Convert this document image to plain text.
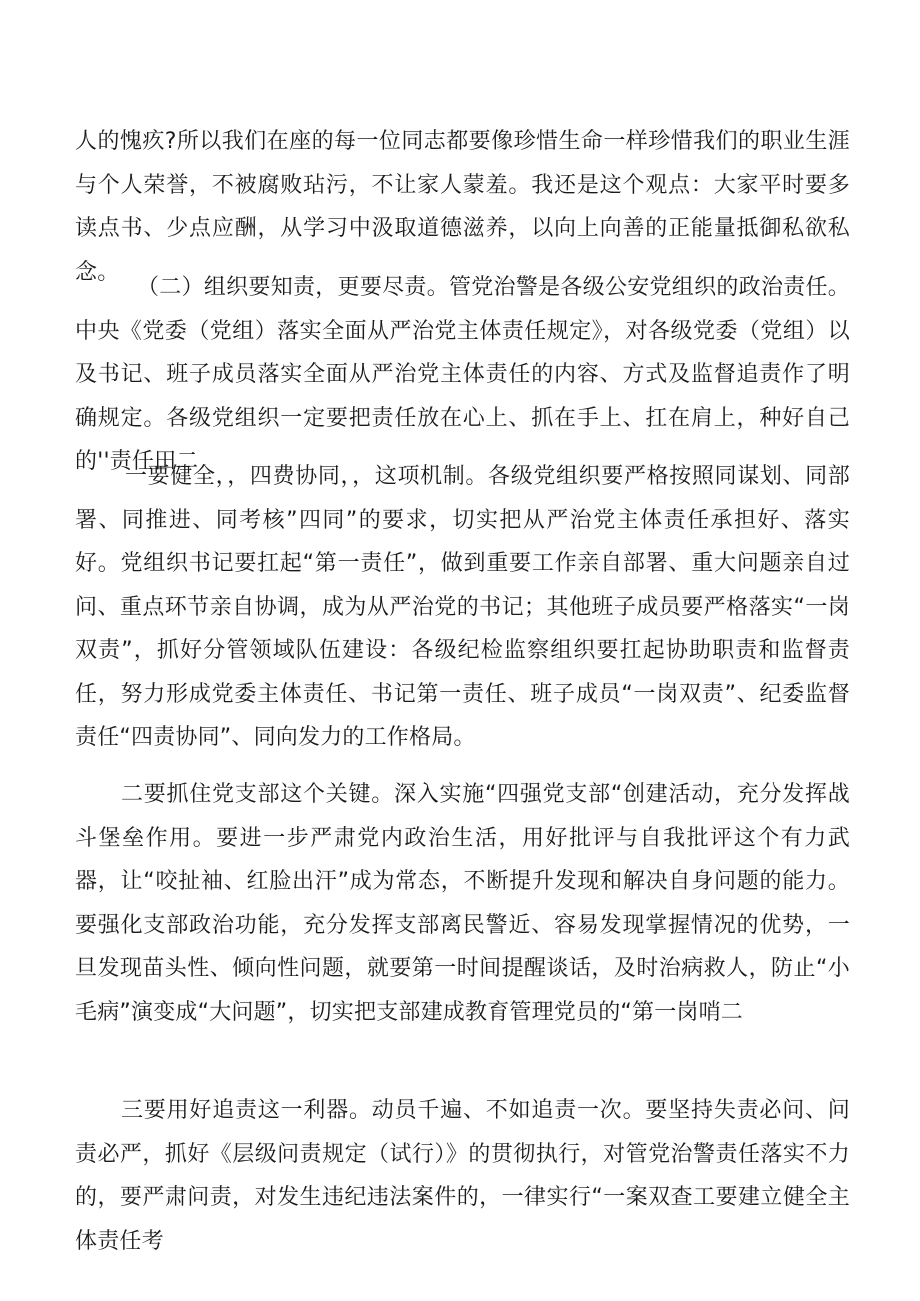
人的愧疚?所以我们在座的每一位同志都要像珍惜生命一样珍惜我们的职业生涯与个人荣誉，不被腐败玷污，不让家人蒙羞。我还是这个观点：大家平时要多读点书、少点应酬，从学习中汲取道德滋养，以向上向善的正能量抵御私欲私念。

（二）组织要知责，更要尽责。管党治警是各级公安党组织的政治责任。中央《党委（党组）落实全面从严治党主体责任规定》，对各级党委（党组）以及书记、班子成员落实全面从严治党主体责任的内容、方式及监督追责作了明确规定。各级党组织一定要把责任放在心上、抓在手上、扛在肩上，种好自己的''责任田二

一要健全，，四费协同，，这项机制。各级党组织要严格按照同谋划、同部署、同推进、同考核”四同”的要求，切实把从严治党主体责任承担好、落实好。党组织书记要扛起“第一责任”，做到重要工作亲自部署、重大问题亲自过问、重点环节亲自协调，成为从严治党的书记；其他班子成员要严格落实“一岗双责”，抓好分管领域队伍建设：各级纪检监察组织要扛起协助职责和监督责任，努力形成党委主体责任、书记第一责任、班子成员“一岗双责”、纪委监督责任“四责协同”、同向发力的工作格局。

二要抓住党支部这个关键。深入实施“四强党支部“创建活动，充分发挥战斗堡垒作用。要进一步严肃党内政治生活，用好批评与自我批评这个有力武器，让“咬扯袖、红脸出汗”成为常态，不断提升发现和解决自身问题的能力。要强化支部政治功能，充分发挥支部离民警近、容易发现掌握情况的优势，一旦发现苗头性、倾向性问题，就要第一时间提醒谈话，及时治病救人，防止“小毛病”演变成“大问题”，切实把支部建成教育管理党员的“第一岗哨二

三要用好追责这一利器。动员千遍、不如追责一次。要坚持失责必问、问责必严，抓好《层级问责规定（试行）》的贯彻执行，对管党治警责任落实不力的，要严肃问责，对发生违纪违法案件的，一律实行“一案双查工要建立健全主体责任考
